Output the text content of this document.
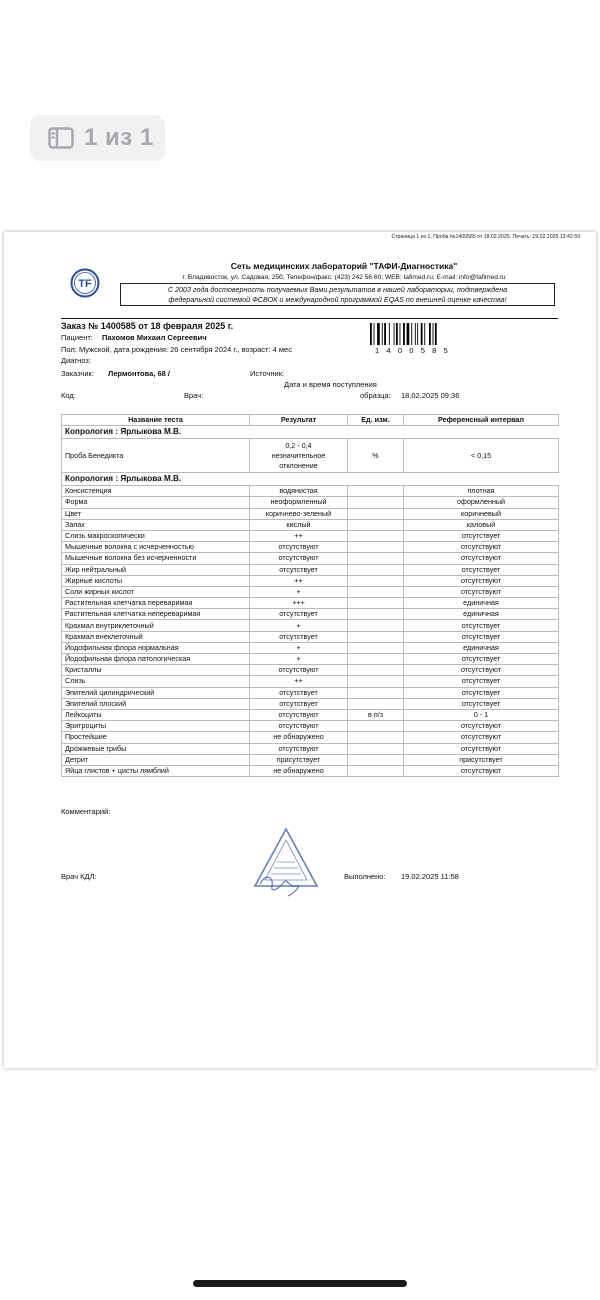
1 из 1
Страница 1 из 1, Проба №1400585 от 18.02.2025. Печать: 19.02.2025 13:42:59
TF
Сеть медицинских лабораторий "ТАФИ-Диагностика"
г. Владивосток, ул. Садовая, 25б; Телефон/факс: (423) 242 56 60; WEB: tafimed.ru; E-mail: info@tafimed.ru
С 2003 года достоверность получаемых Вами результатов в нашей лаборатории, подтверждена
федеральной системой ФСВОК и международной программой EQAS по внешней оценке качества!
Заказ № 1400585 от 18 февраля 2025 г.
1400585
Пациент: Пахомов Михаил Сергеевич
Пол: Мужской, дата рождения: 26 сентября 2024 г., возраст: 4 мес
Диагноз:
Заказчик: Лермонтова, 68 /	Источник:
Дата и время поступления
Код:	Врач:	образца: 18.02.2025 09:36
Название теста	Результат	Ед. изм.	Референсный интервал
Копрология : Ярлыкова М.В.			
Проба Бенедикта	0,2 - 0,4
незначительное
отклонение	%	< 0,15
Копрология : Ярлыкова М.В.			
Консистенция	водянистая		плотная
Форма	неоформленный		оформленный
Цвет	коричнево-зеленый		коричневый
Запах	кислый		каловый
Слизь макроскопически	++		отсутствует
Мышечные волокна с исчерченностью	отсутствуют		отсутствуют
Мышечные волокна без исчерченности	отсутствуют		отсутствуют
Жир нейтральный	отсутствует		отсутствует
Жирные кислоты	++		отсутствуют
Соли жирных кислот	+		отсутствуют
Растительная клетчатка переваримая	+++		единичная
Растительная клетчатка непереваримая	отсутствует		единичная
Крахмал внутриклеточный	+		отсутствует
Крахмал внеклеточный	отсутствует		отсутствует
Йодофильная флора нормальная	+		единичная
Йодофильная флора патологическая	+		отсутствует
Кристаллы	отсутствуют		отсутствуют
Слизь	++		отсутствует
Эпителий цилиндрический	отсутствует		отсутствует
Эпителий плоский	отсутствует		отсутствует
Лейкоциты	отсутствуют	в п/з	0 - 1
Эритроциты	отсутствуют		отсутствуют
Простейшие	не обнаружено		отсутствуют
Дрожжевые грибы	отсутствуют		отсутствуют
Детрит	присутствует		присутствует
Яйца глистов + цисты лямблий	не обнаружено		отсутствуют
Комментарий:
Врач КДЛ:	Выполнено: 19.02.2025 11:58
